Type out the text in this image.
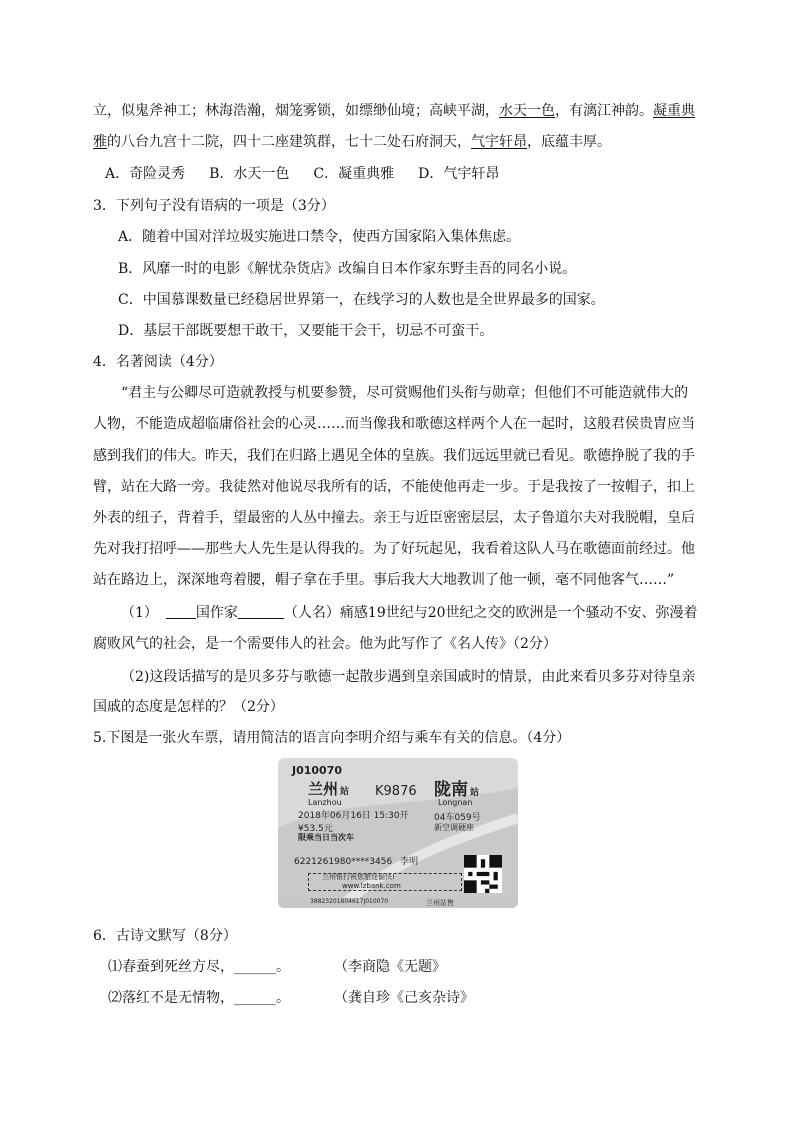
立，似鬼斧神工；林海浩瀚，烟笼雾锁，如缥缈仙境；高峡平湖，水天一色，有漓江神韵。凝重典
雅的八台九宫十二院，四十二座建筑群，七十二处石府洞天，气宇轩昂，底蕴丰厚。
A．奇险灵秀 B．水天一色 C．凝重典雅 D．气宇轩昂
3．下列句子没有语病的一项是（3分）
A．随着中国对洋垃圾实施进口禁令，使西方国家陷入集体焦虑。
B．风靡一时的电影《解忧杂货店》改编自日本作家东野圭吾的同名小说。
C．中国慕课数量已经稳居世界第一，在线学习的人数也是全世界最多的国家。
D．基层干部既要想干敢干，又要能干会干，切忌不可蛮干。
4．名著阅读（4分）
“君主与公卿尽可造就教授与机要参赞，尽可赏赐他们头衔与勋章；但他们不可能造就伟大的
人物，不能造成超临庸俗社会的心灵……而当像我和歌德这样两个人在一起时，这般君侯贵胄应当
感到我们的伟大。昨天，我们在归路上遇见全体的皇族。我们远远里就已看见。歌德挣脱了我的手
臂，站在大路一旁。我徒然对他说尽我所有的话，不能使他再走一步。于是我按了一按帽子，扣上
外表的纽子，背着手，望最密的人丛中撞去。亲王与近臣密密层层，太子鲁道尔夫对我脱帽，皇后
先对我打招呼——那些大人先生是认得我的。为了好玩起见，我看着这队人马在歌德面前经过。他
站在路边上，深深地弯着腰，帽子拿在手里。事后我大大地教训了他一顿，毫不同他客气……”
（1）	国作家	（人名）痛感19世纪与20世纪之交的欧洲是一个骚动不安、弥漫着
腐败风气的社会，是一个需要伟人的社会。他为此写作了《名人传》（2分）
（2)这段话描写的是贝多芬与歌德一起散步遇到皇亲国戚时的情景，由此来看贝多芬对待皇亲
国戚的态度是怎样的？（2分）
5.下图是一张火车票，请用简洁的语言向李明介绍与乘车有关的信息。（4分）
J010070
兰州 站
Lanzhou
K9876 陇南 站
Longnan
2018年06月16日 15:30开	04车059号
¥53.5元	新空调硬座
限乘当日当次车
6221261980****3456 李明
兰州银行祝您旅途愉快!
www.lzbank.com
38823201804617J010070	兰州站售
6．古诗文默写（8分）
⑴春蚕到死丝方尽，______。	（李商隐《无题》
⑵落红不是无情物，______。	（龚自珍《己亥杂诗》
